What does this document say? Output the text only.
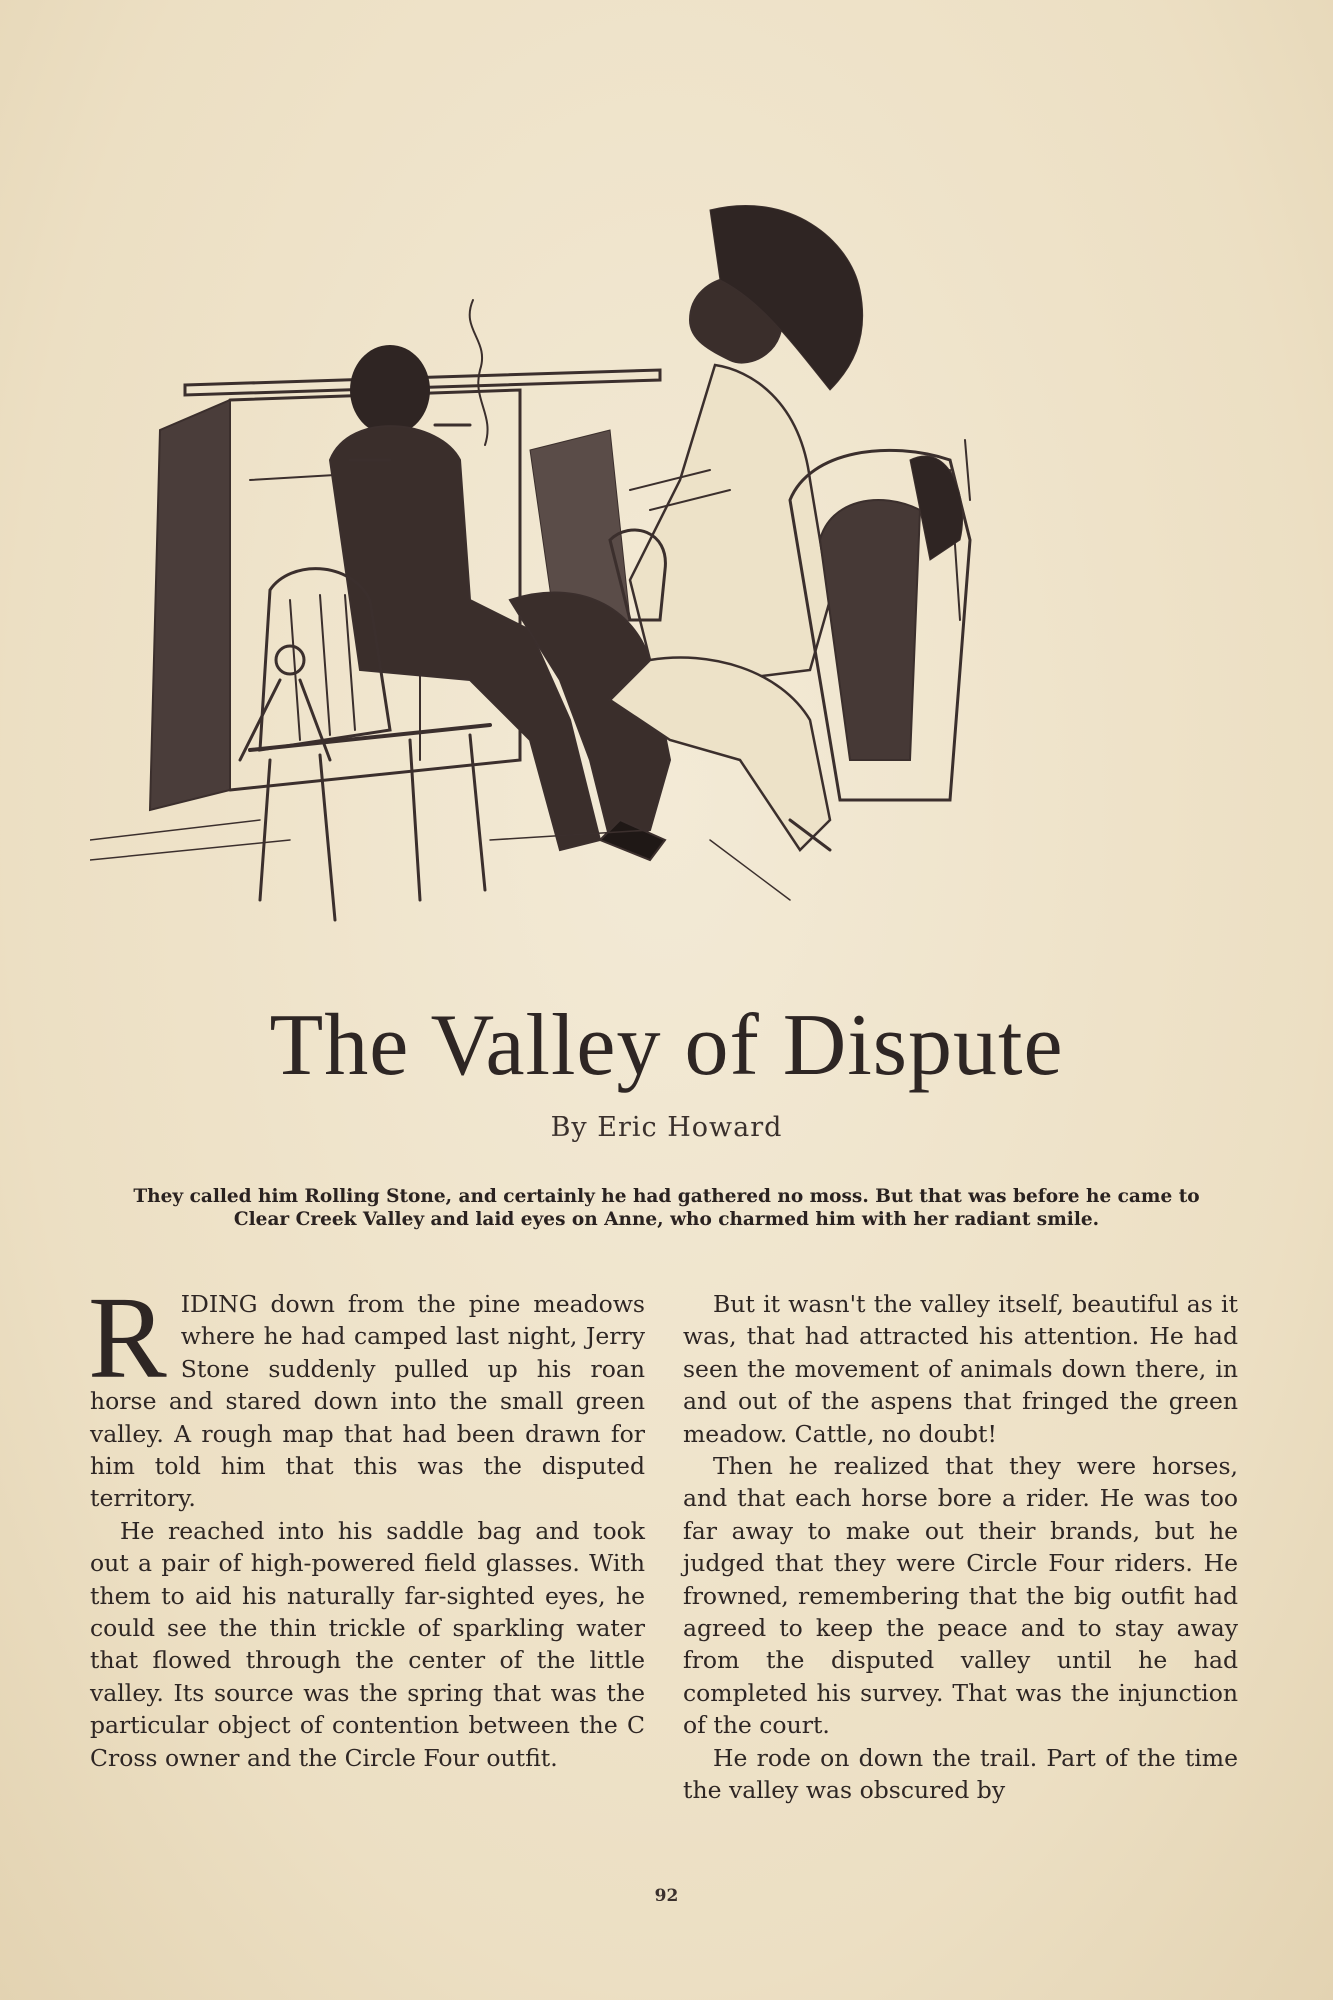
The Valley of Dispute
By Eric Howard
They called him Rolling Stone, and certainly he had gathered no moss. But that was before he came to Clear Creek Valley and laid eyes on Anne, who charmed him with her radiant smile.

RIDING down from the pine meadows where he had camped last night, Jerry Stone suddenly pulled up his roan horse and stared down into the small green valley. A rough map that had been drawn for him told him that this was the disputed territory.

He reached into his saddle bag and took out a pair of high-powered field glasses. With them to aid his naturally far-sighted eyes, he could see the thin trickle of sparkling water that flowed through the center of the little valley. Its source was the spring that was the particular object of contention between the C Cross owner and the Circle Four outfit.

But it wasn't the valley itself, beautiful as it was, that had attracted his attention. He had seen the movement of animals down there, in and out of the aspens that fringed the green meadow. Cattle, no doubt!

Then he realized that they were horses, and that each horse bore a rider. He was too far away to make out their brands, but he judged that they were Circle Four riders. He frowned, remembering that the big outfit had agreed to keep the peace and to stay away from the disputed valley until he had completed his survey. That was the injunction of the court.

He rode on down the trail. Part of the time the valley was obscured by

92
